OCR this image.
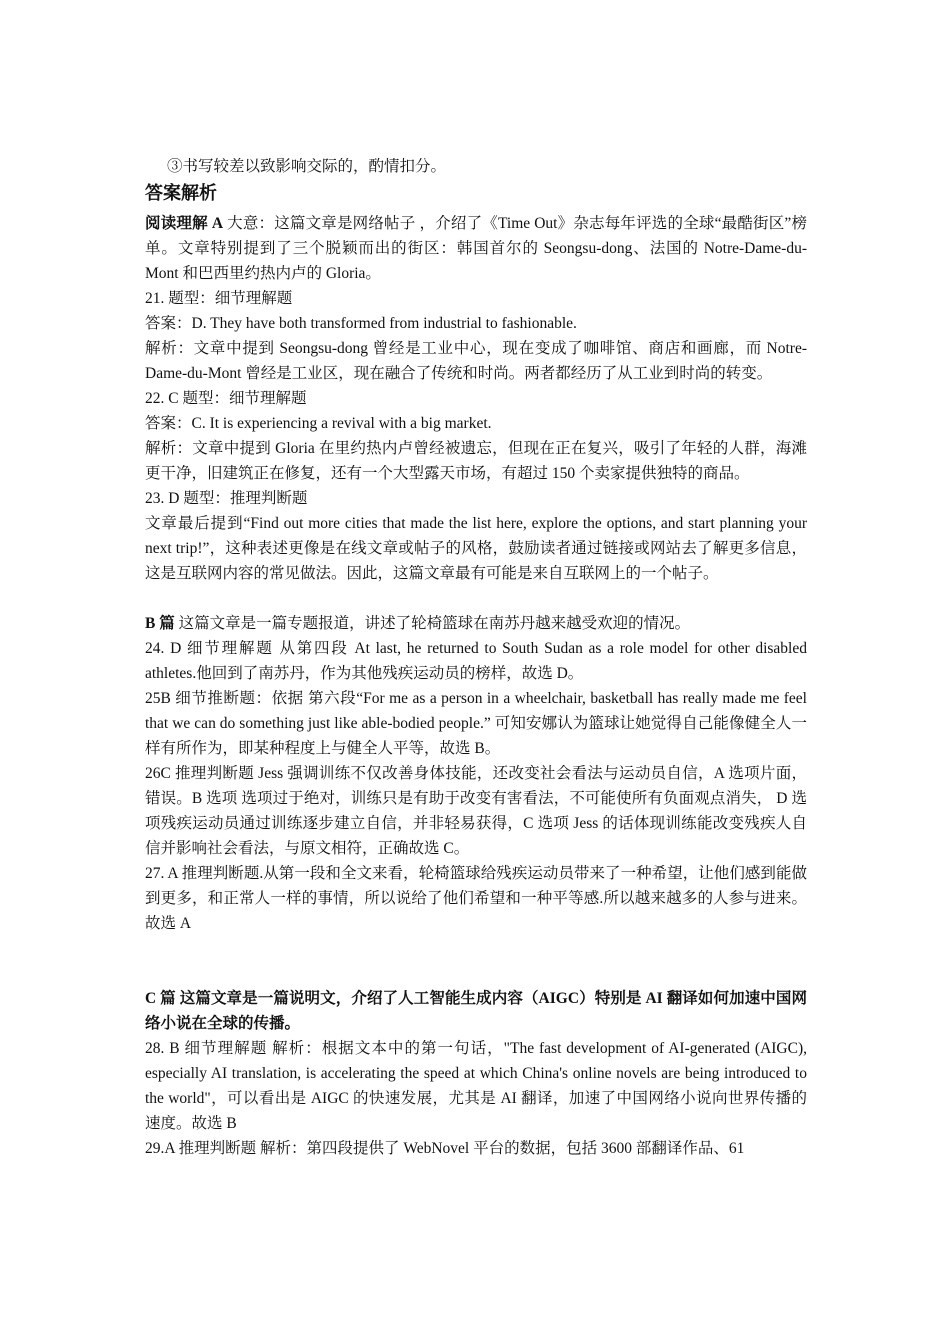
③书写较差以致影响交际的，酌情扣分。

答案解析

阅读理解 A 大意：这篇文章是网络帖子 ，介绍了《Time Out》杂志每年评选的全球“最酷街区”榜单。文章特别提到了三个脱颖而出的街区：韩国首尔的 Seongsu-dong、法国的 Notre-Dame-du-Mont 和巴西里约热内卢的 Gloria。

21. 题型：细节理解题

答案：D. They have both transformed from industrial to fashionable.

解析：文章中提到 Seongsu-dong 曾经是工业中心，现在变成了咖啡馆、商店和画廊，而 Notre-Dame-du-Mont 曾经是工业区，现在融合了传统和时尚。两者都经历了从工业到时尚的转变。

22. C 题型：细节理解题

答案：C. It is experiencing a revival with a big market.

解析：文章中提到 Gloria 在里约热内卢曾经被遗忘，但现在正在复兴，吸引了年轻的人群，海滩更干净，旧建筑正在修复，还有一个大型露天市场，有超过 150 个卖家提供独特的商品。

23. D 题型：推理判断题

文章最后提到“Find out more cities that made the list here, explore the options, and start planning your next trip!”，这种表述更像是在线文章或帖子的风格，鼓励读者通过链接或网站去了解更多信息，这是互联网内容的常见做法。因此，这篇文章最有可能是来自互联网上的一个帖子。

B 篇 这篇文章是一篇专题报道，讲述了轮椅篮球在南苏丹越来越受欢迎的情况。

24. D 细节理解题 从第四段 At last, he returned to South Sudan as a role model for other disabled athletes.他回到了南苏丹，作为其他残疾运动员的榜样，故选 D。

25B 细节推断题：依据 第六段“For me as a person in a wheelchair, basketball has really made me feel that we can do something just like able-bodied people.” 可知安娜认为篮球让她觉得自己能像健全人一样有所作为，即某种程度上与健全人平等，故选 B。

26C 推理判断题 Jess 强调训练不仅改善身体技能，还改变社会看法与运动员自信，A 选项片面，错误。B 选项 选项过于绝对，训练只是有助于改变有害看法，不可能使所有负面观点消失， D 选项残疾运动员通过训练逐步建立自信，并非轻易获得，C 选项 Jess 的话体现训练能改变残疾人自信并影响社会看法，与原文相符，正确故选 C。

27. A 推理判断题.从第一段和全文来看，轮椅篮球给残疾运动员带来了一种希望，让他们感到能做到更多，和正常人一样的事情，所以说给了他们希望和一种平等感.所以越来越多的人参与进来。故选 A

C 篇 这篇文章是一篇说明文，介绍了人工智能生成内容（AIGC）特别是 AI 翻译如何加速中国网络小说在全球的传播。

28. B 细节理解题 解析：根据文本中的第一句话，"The fast development of AI-generated (AIGC), especially AI translation, is accelerating the speed at which China's online novels are being introduced to the world"，可以看出是 AIGC 的快速发展，尤其是 AI 翻译，加速了中国网络小说向世界传播的速度。故选 B

29.A 推理判断题 解析：第四段提供了 WebNovel 平台的数据，包括 3600 部翻译作品、61
